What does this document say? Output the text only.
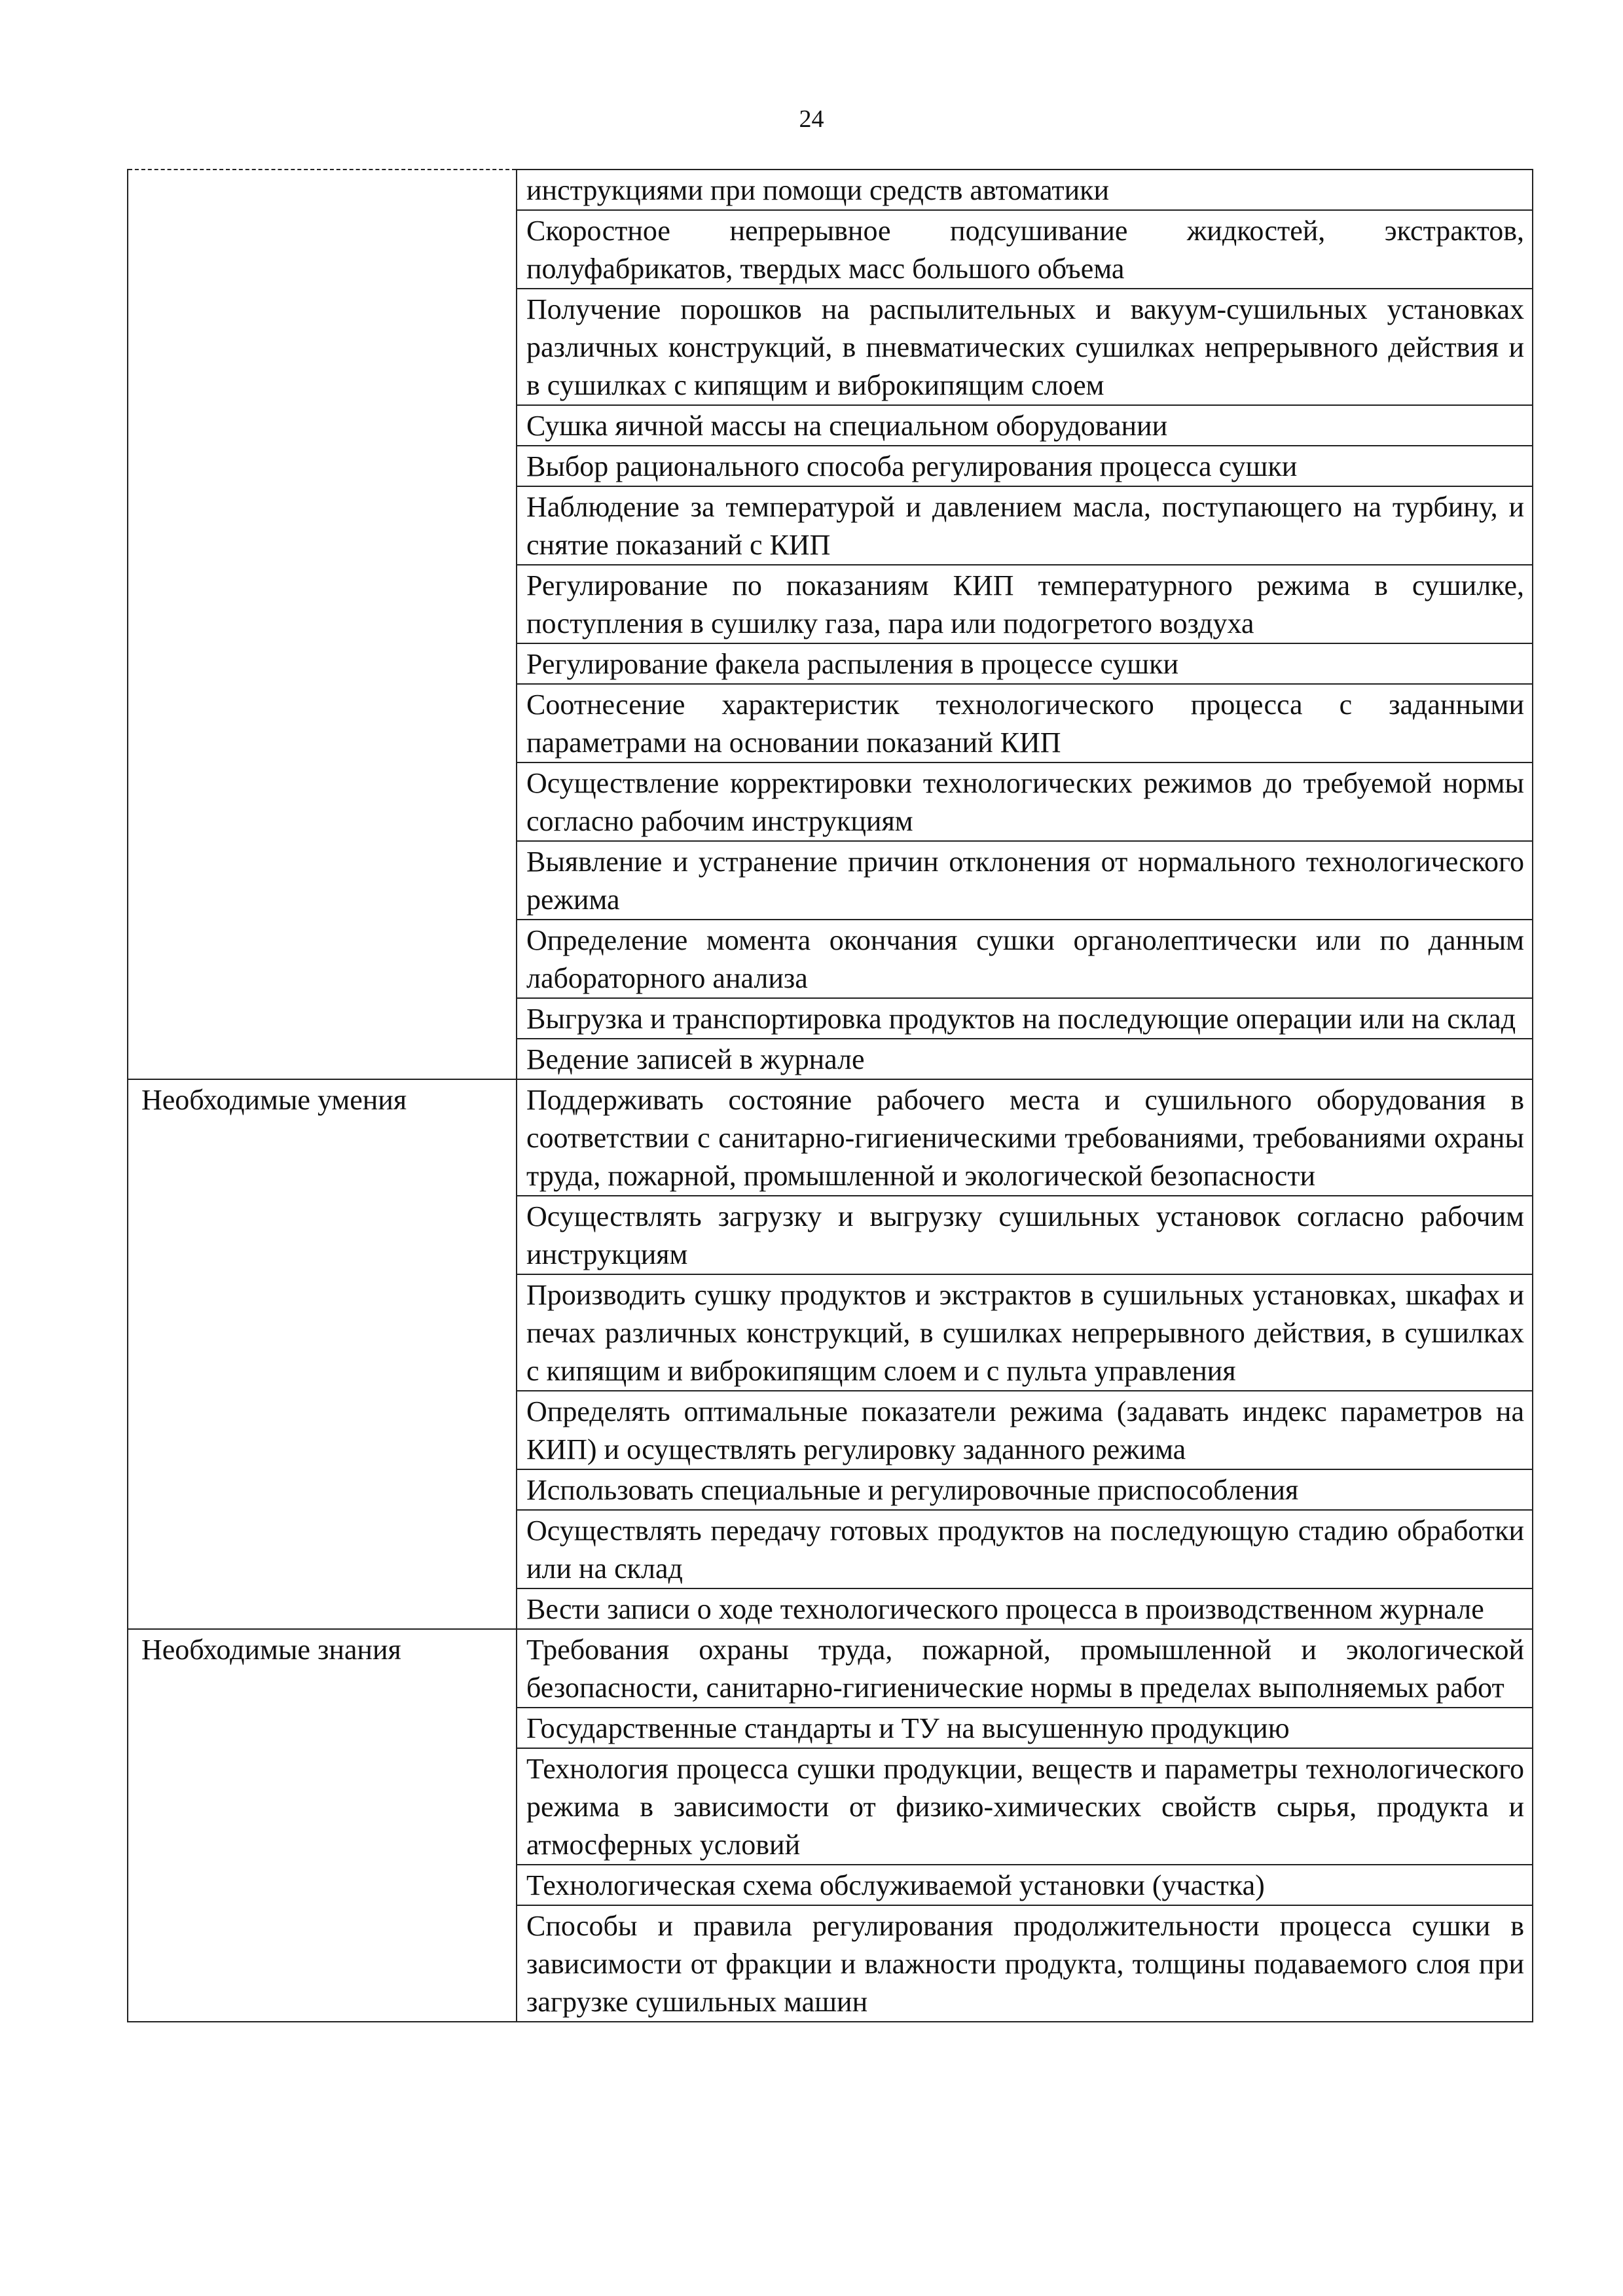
24
	инструкциями при помощи средств автоматики
	Скоростное непрерывное подсушивание жидкостей, экстрактов, полуфабрикатов, твердых масс большого объема
	Получение порошков на распылительных и вакуум-сушильных установках различных конструкций, в пневматических сушилках непрерывного действия и в сушилках с кипящим и виброкипящим слоем
	Сушка яичной массы на специальном оборудовании
	Выбор рационального способа регулирования процесса сушки
	Наблюдение за температурой и давлением масла, поступающего на турбину, и снятие показаний с КИП
	Регулирование по показаниям КИП температурного режима в сушилке, поступления в сушилку газа, пара или подогретого воздуха
	Регулирование факела распыления в процессе сушки
	Соотнесение характеристик технологического процесса с заданными параметрами на основании показаний КИП
	Осуществление корректировки технологических режимов до требуемой нормы согласно рабочим инструкциям
	Выявление и устранение причин отклонения от нормального технологического режима
	Определение момента окончания сушки органолептически или по данным лабораторного анализа
	Выгрузка и транспортировка продуктов на последующие операции или на склад
	Ведение записей в журнале
Необходимые умения	Поддерживать состояние рабочего места и сушильного оборудования в соответствии с санитарно-гигиеническими требованиями, требованиями охраны труда, пожарной, промышленной и экологической безопасности
	Осуществлять загрузку и выгрузку сушильных установок согласно рабочим инструкциям
	Производить сушку продуктов и экстрактов в сушильных установках, шкафах и печах различных конструкций, в сушилках непрерывного действия, в сушилках с кипящим и виброкипящим слоем и с пульта управления
	Определять оптимальные показатели режима (задавать индекс параметров на КИП) и осуществлять регулировку заданного режима
	Использовать специальные и регулировочные приспособления
	Осуществлять передачу готовых продуктов на последующую стадию обработки или на склад
	Вести записи о ходе технологического процесса в производственном журнале
Необходимые знания	Требования охраны труда, пожарной, промышленной и экологической безопасности, санитарно-гигиенические нормы в пределах выполняемых работ
	Государственные стандарты и ТУ на высушенную продукцию
	Технология процесса сушки продукции, веществ и параметры технологического режима в зависимости от физико-химических свойств сырья, продукта и атмосферных условий
	Технологическая схема обслуживаемой установки (участка)
	Способы и правила регулирования продолжительности процесса сушки в зависимости от фракции и влажности продукта, толщины подаваемого слоя при загрузке сушильных машин
